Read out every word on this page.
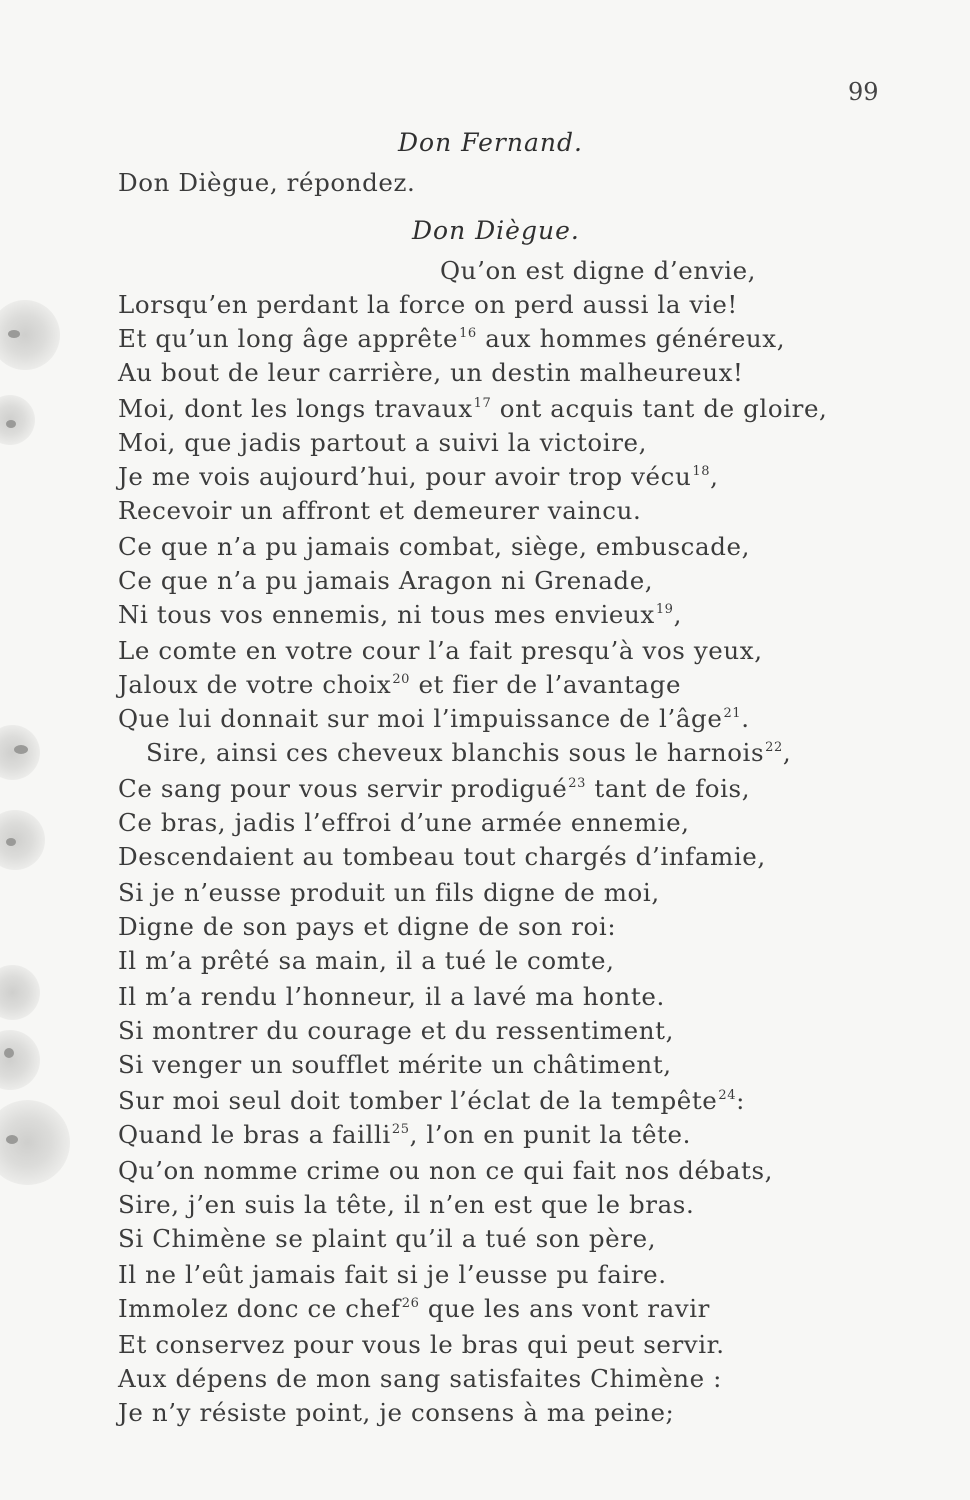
99
Don Fernand.
Don Diègue, répondez.
Don Diègue.
Qu’on est digne d’envie,
Lorsqu’en perdant la force on perd aussi la vie!
Et qu’un long âge apprête$^{16}$ aux hommes généreux,
Au bout de leur carrière, un destin malheureux!
Moi, dont les longs travaux$^{17}$ ont acquis tant de gloire,
Moi, que jadis partout a suivi la victoire,
Je me vois aujourd’hui, pour avoir trop vécu$^{18}$,
Recevoir un affront et demeurer vaincu.
Ce que n’a pu jamais combat, siège, embuscade,
Ce que n’a pu jamais Aragon ni Grenade,
Ni tous vos ennemis, ni tous mes envieux$^{19}$,
Le comte en votre cour l’a fait presqu’à vos yeux,
Jaloux de votre choix$^{20}$ et fier de l’avantage
Que lui donnait sur moi l’impuissance de l’âge$^{21}$.
Sire, ainsi ces cheveux blanchis sous le harnois$^{22}$,
Ce sang pour vous servir prodigué$^{23}$ tant de fois,
Ce bras, jadis l’effroi d’une armée ennemie,
Descendaient au tombeau tout chargés d’infamie,
Si je n’eusse produit un fils digne de moi,
Digne de son pays et digne de son roi:
Il m’a prêté sa main, il a tué le comte,
Il m’a rendu l’honneur, il a lavé ma honte.
Si montrer du courage et du ressentiment,
Si venger un soufflet mérite un châtiment,
Sur moi seul doit tomber l’éclat de la tempête$^{24}$:
Quand le bras a failli$^{25}$, l’on en punit la tête.
Qu’on nomme crime ou non ce qui fait nos débats,
Sire, j’en suis la tête, il n’en est que le bras.
Si Chimène se plaint qu’il a tué son père,
Il ne l’eût jamais fait si je l’eusse pu faire.
Immolez donc ce chef$^{26}$ que les ans vont ravir
Et conservez pour vous le bras qui peut servir.
Aux dépens de mon sang satisfaites Chimène :
Je n’y résiste point, je consens à ma peine;
